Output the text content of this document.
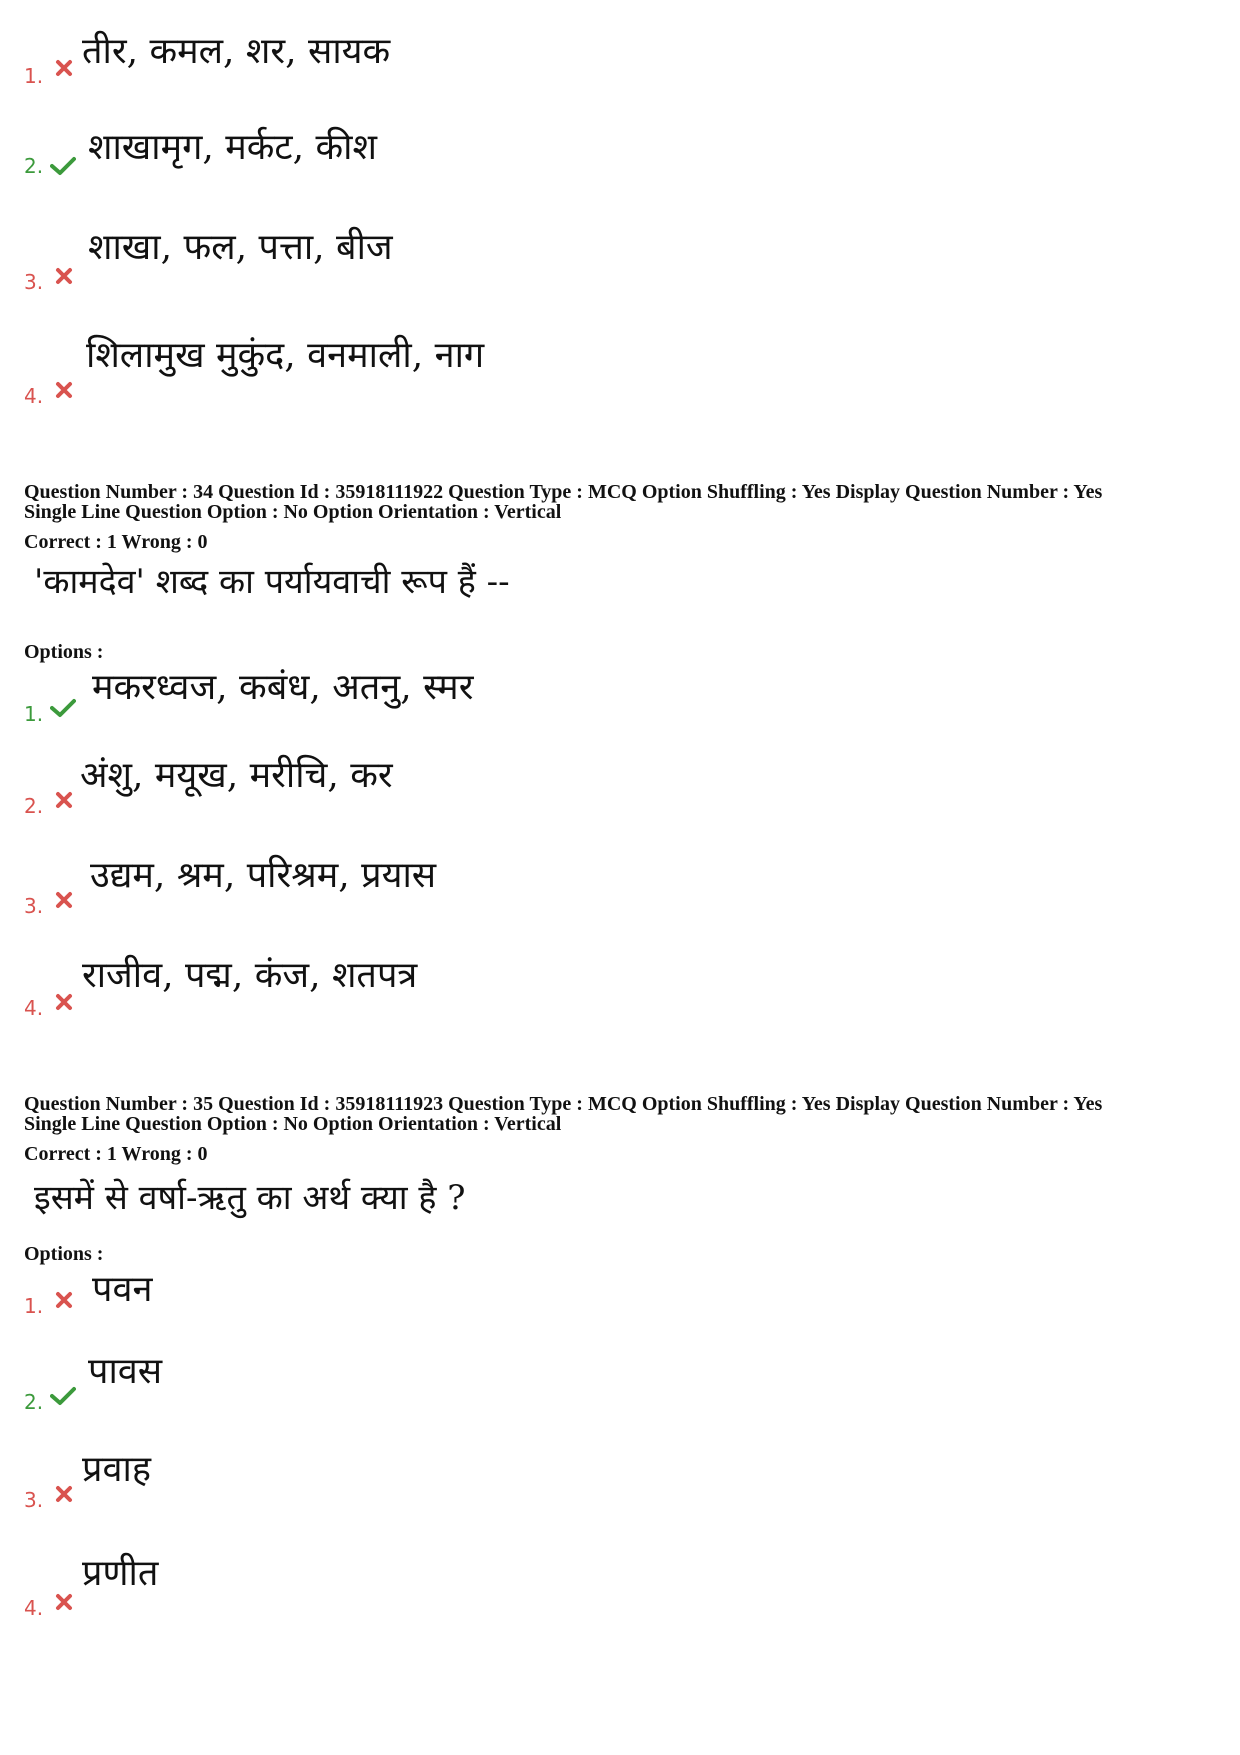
1.
तीर, कमल, शर, सायक
2. शाखामृग, मर्कट, कीश
3.
शाखा, फल, पत्ता, बीज
4.
शिलामुख मुकुंद, वनमाली, नाग
Question Number : 34 Question Id : 35918111922 Question Type : MCQ Option Shuffling : Yes Display Question Number : Yes
Single Line Question Option : No Option Orientation : Vertical
Correct : 1 Wrong : 0
'कामदेव' शब्द का पर्यायवाची रूप हैं --
Options :
1.
मकरध्वज, कबंध, अतनु, स्मर
2.
अंशु, मयूख, मरीचि, कर
3.
उद्यम, श्रम, परिश्रम, प्रयास
4.
राजीव, पद्म, कंज, शतपत्र
Question Number : 35 Question Id : 35918111923 Question Type : MCQ Option Shuffling : Yes Display Question Number : Yes
Single Line Question Option : No Option Orientation : Vertical
Correct : 1 Wrong : 0
इसमें से वर्षा-ऋतु का अर्थ क्या है ?
Options :
1. पवन
2.
पावस
3.
प्रवाह
4.
प्रणीत
